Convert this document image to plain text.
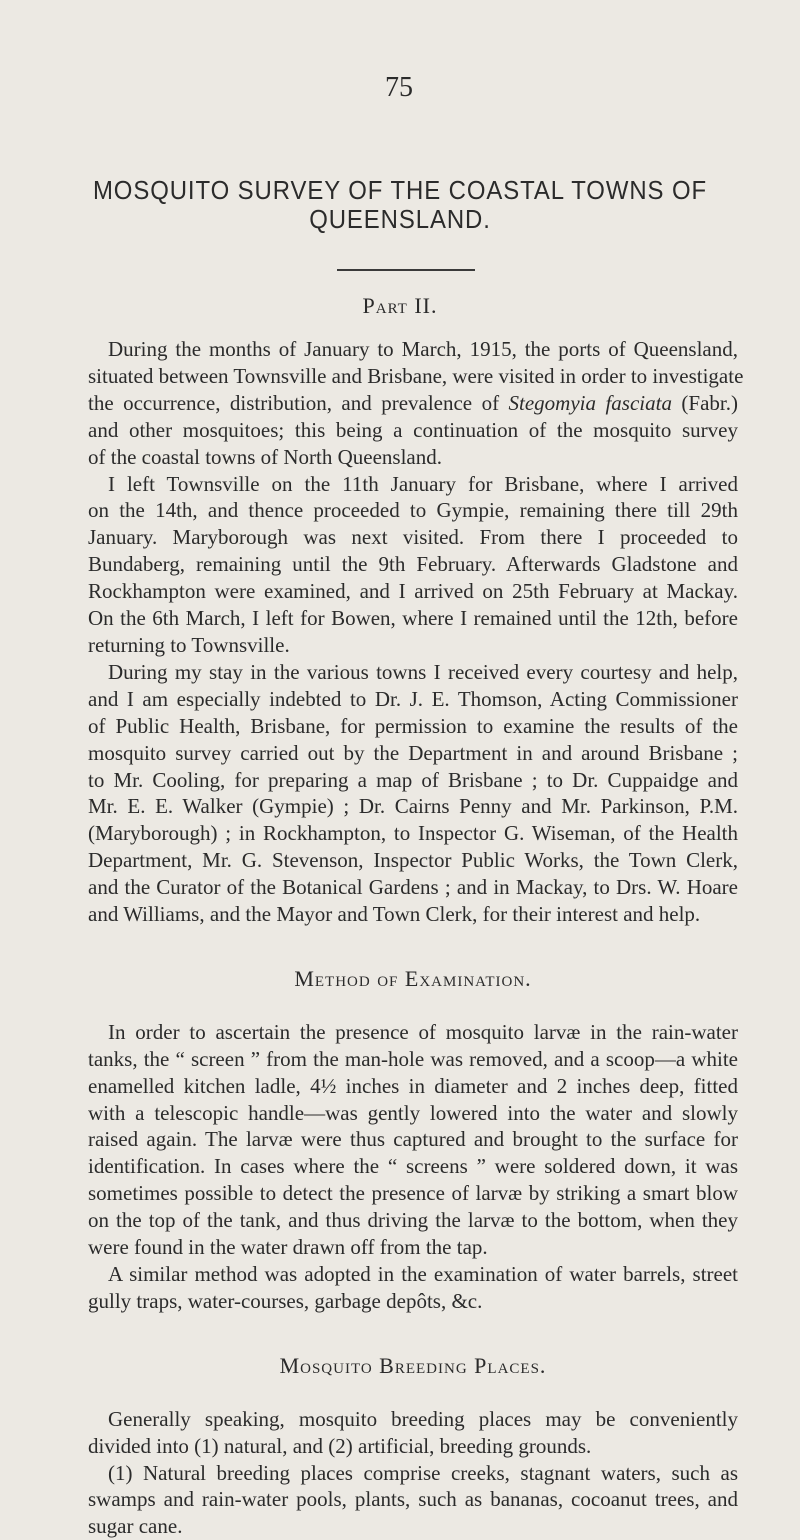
75
MOSQUITO SURVEY OF THE COASTAL TOWNS OF
QUEENSLAND.
Part II.
During the months of January to March, 1915, the ports of Queensland,
situated between Townsville and Brisbane, were visited in order to investigate
the occurrence, distribution, and prevalence of Stegomyia fasciata (Fabr.)
and other mosquitoes; this being a continuation of the mosquito survey
of the coastal towns of North Queensland.
I left Townsville on the 11th January for Brisbane, where I arrived
on the 14th, and thence proceeded to Gympie, remaining there till 29th
January. Maryborough was next visited. From there I proceeded to
Bundaberg, remaining until the 9th February. Afterwards Gladstone and
Rockhampton were examined, and I arrived on 25th February at Mackay.
On the 6th March, I left for Bowen, where I remained until the 12th, before
returning to Townsville.
During my stay in the various towns I received every courtesy and help,
and I am especially indebted to Dr. J. E. Thomson, Acting Commissioner
of Public Health, Brisbane, for permission to examine the results of the
mosquito survey carried out by the Department in and around Brisbane ;
to Mr. Cooling, for preparing a map of Brisbane ; to Dr. Cuppaidge and
Mr. E. E. Walker (Gympie) ; Dr. Cairns Penny and Mr. Parkinson, P.M.
(Maryborough) ; in Rockhampton, to Inspector G. Wiseman, of the Health
Department, Mr. G. Stevenson, Inspector Public Works, the Town Clerk,
and the Curator of the Botanical Gardens ; and in Mackay, to Drs. W. Hoare
and Williams, and the Mayor and Town Clerk, for their interest and help.
Method of Examination.
In order to ascertain the presence of mosquito larvæ in the rain-water
tanks, the “ screen ” from the man-hole was removed, and a scoop—a white
enamelled kitchen ladle, 4½ inches in diameter and 2 inches deep, fitted
with a telescopic handle—was gently lowered into the water and slowly
raised again. The larvæ were thus captured and brought to the surface for
identification. In cases where the “ screens ” were soldered down, it was
sometimes possible to detect the presence of larvæ by striking a smart blow
on the top of the tank, and thus driving the larvæ to the bottom, when they
were found in the water drawn off from the tap.
A similar method was adopted in the examination of water barrels, street
gully traps, water-courses, garbage depôts, &c.
Mosquito Breeding Places.
Generally speaking, mosquito breeding places may be conveniently
divided into (1) natural, and (2) artificial, breeding grounds.
(1) Natural breeding places comprise creeks, stagnant waters, such as
swamps and rain-water pools, plants, such as bananas, cocoanut trees, and
sugar cane.
